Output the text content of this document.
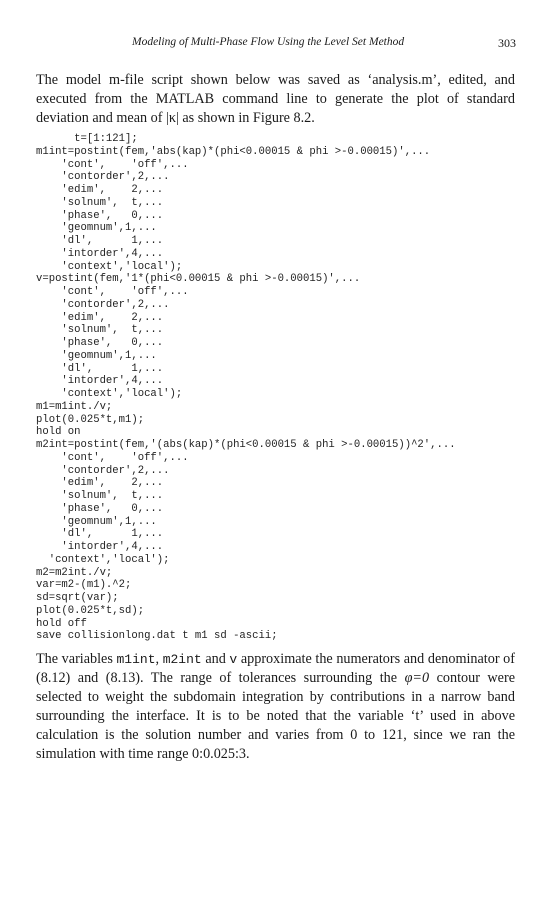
Modeling of Multi-Phase Flow Using the Level Set Method	303

The model m-file script shown below was saved as ‘analysis.m’, edited, and executed from the MATLAB command line to generate the plot of standard deviation and mean of |κ| as shown in Figure 8.2.

t=[1:121];
m1int=postint(fem,'abs(kap)*(phi<0.00015 & phi >-0.00015)',...
'cont',    'off',...
'contorder',2,...
'edim',    2,...
'solnum',  t,...
'phase',   0,...
'geomnum',1,...
'dl',      1,...
'intorder',4,...
'context','local');
v=postint(fem,'1*(phi<0.00015 & phi >-0.00015)',...
'cont',    'off',...
'contorder',2,...
'edim',    2,...
'solnum',  t,...
'phase',   0,...
'geomnum',1,...
'dl',      1,...
'intorder',4,...
'context','local');
m1=m1int./v;
plot(0.025*t,m1);
hold on
m2int=postint(fem,'(abs(kap)*(phi<0.00015 & phi >-0.00015))^2',...
'cont',    'off',...
'contorder',2,...
'edim',    2,...
'solnum',  t,...
'phase',   0,...
'geomnum',1,...
'dl',      1,...
'intorder',4,...
'context','local');
m2=m2int./v;
var=m2-(m1).^2;
sd=sqrt(var);
plot(0.025*t,sd);
hold off
save collisionlong.dat t m1 sd -ascii;

The variables m1int, m2int and v approximate the numerators and denominator of (8.12) and (8.13). The range of tolerances surrounding the φ=0 contour were selected to weight the subdomain integration by contributions in a narrow band surrounding the interface. It is to be noted that the variable ‘t’ used in above calculation is the solution number and varies from 0 to 121, since we ran the simulation with time range 0:0.025:3.
